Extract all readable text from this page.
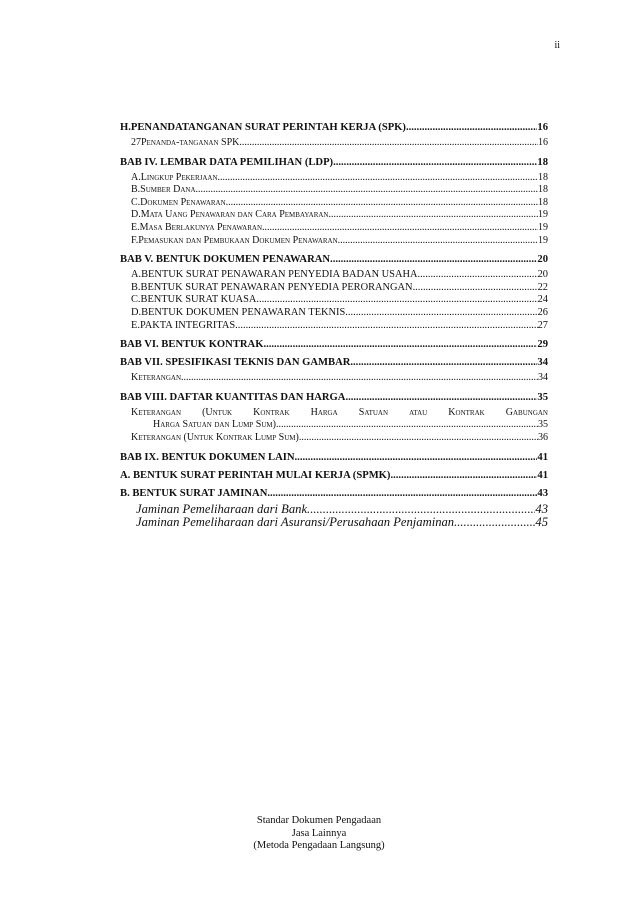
ii
H.PENANDATANGANAN SURAT PERINTAH KERJA (SPK) .....	16
27Penanda-tanganan SPK .....	16
BAB IV. LEMBAR DATA PEMILIHAN (LDP) .....	18
A.Lingkup Pekerjaan .....	18
B.Sumber Dana .....	18
C.Dokumen Penawaran .....	18
D.Mata Uang Penawaran dan Cara Pembayaran .....	19
E.Masa Berlakunya Penawaran .....	19
F.Pemasukan dan Pembukaan Dokumen Penawaran .....	19
BAB V. BENTUK DOKUMEN PENAWARAN .....	20
A.BENTUK SURAT PENAWARAN PENYEDIA BADAN USAHA .....	20
B.BENTUK SURAT PENAWARAN PENYEDIA PERORANGAN .....	22
C.BENTUK SURAT KUASA .....	24
D.BENTUK DOKUMEN PENAWARAN TEKNIS .....	26
E.PAKTA INTEGRITAS .....	27
BAB VI. BENTUK KONTRAK .....	29
BAB VII. SPESIFIKASI TEKNIS DAN GAMBAR .....	34
Keterangan .....	34
BAB VIII. DAFTAR KUANTITAS DAN HARGA .....	35
Keterangan (Untuk Kontrak Harga Satuan atau Kontrak Gabungan
Harga Satuan dan Lump Sum) .....	35
Keterangan (Untuk Kontrak Lump Sum) .....	36
BAB IX. BENTUK DOKUMEN LAIN .....	41
A. BENTUK SURAT PERINTAH MULAI KERJA (SPMK) .....	41
B. BENTUK SURAT JAMINAN .....	43
Jaminan Pemeliharaan dari Bank .....	43
Jaminan Pemeliharaan dari Asuransi/Perusahaan Penjaminan .....	45
Standar Dokumen Pengadaan
Jasa Lainnya
(Metoda Pengadaan Langsung)
